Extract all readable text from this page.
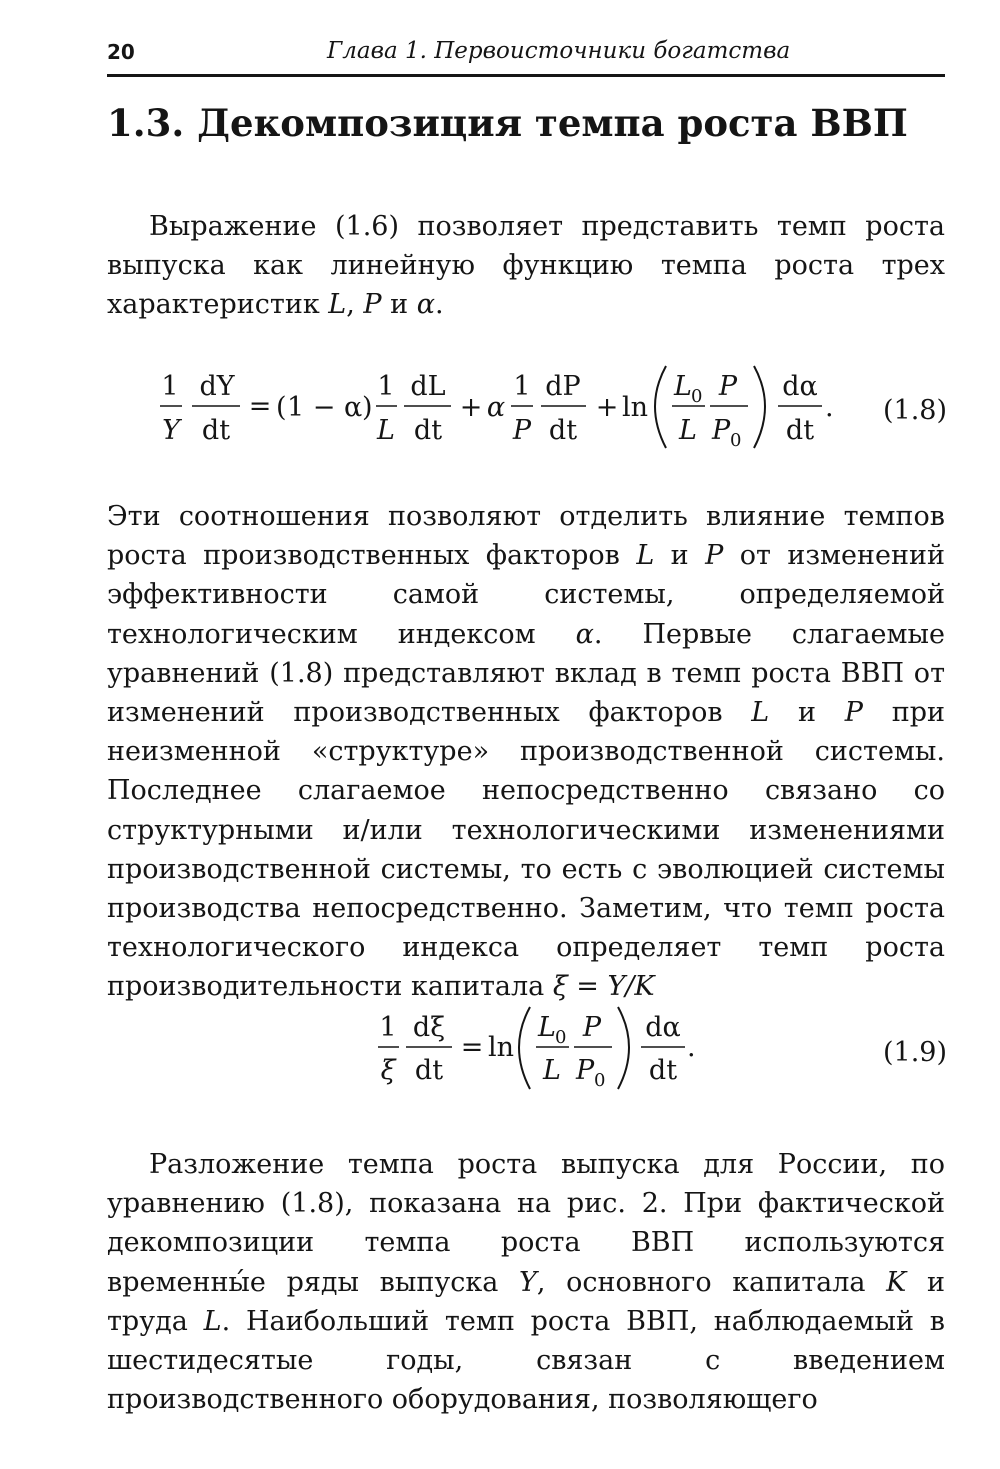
20	Глава 1. Первоисточники богатства
1.3. Декомпозиция темпа роста ВВП

Выражение (1.6) позволяет представить темп роста выпуска как линейную функцию темпа роста трех характеристик L, P и α.

1
Y
dY
dt
= ( 1 − α )
1
L
dL
dt
+ α
1
P
dP
dt
+ ln
L 0
L
P
P 0
dα
dt
. (1.8)

Эти соотношения позволяют отделить влияние темпов роста производственных факторов L и P от изменений эффективности самой системы, определяемой технологическим индексом α. Первые слагаемые уравнений (1.8) представляют вклад в темп роста ВВП от изменений производственных факторов L и P при неизменной «структуре» производственной системы. Последнее слагаемое непосредственно связано со структурными и/или технологическими изменениями производственной системы, то есть с эволюцией системы производства непосредственно. Заметим, что темп роста технологического индекса определяет темп роста производительности капитала ξ = Y/K

1
ξ
dξ
dt
= ln
L 0
L
P
P 0
dα
dt
.	(1.9)

Разложение темпа роста выпуска для России, по уравнению (1.8), показана на рис. 2. При фактической декомпозиции темпа роста ВВП используются временны́е ряды выпуска Y, основного капитала K и труда L. Наибольший темп роста ВВП, наблюдаемый в шестидесятые годы, связан с введением производственного оборудования, позволяющего
